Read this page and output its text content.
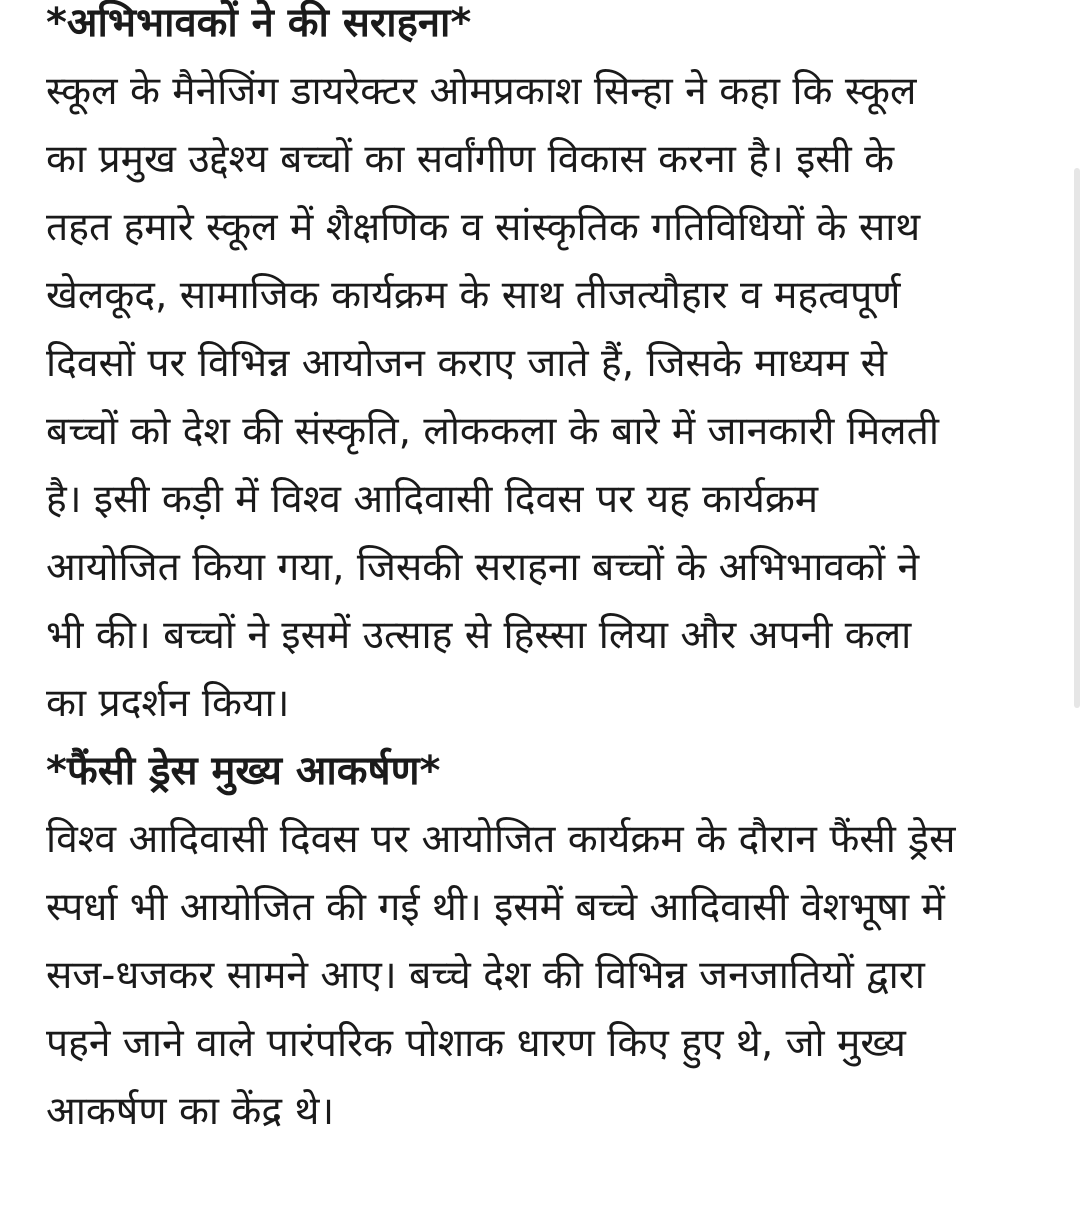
*अभिभावकों ने की सराहना*

स्कूल के मैनेजिंग डायरेक्टर ओमप्रकाश सिन्हा ने कहा कि स्कूल
का प्रमुख उद्देश्य बच्चों का सर्वांगीण विकास करना है। इसी के
तहत हमारे स्कूल में शैक्षणिक व सांस्कृतिक गतिविधियों के साथ
खेलकूद, सामाजिक कार्यक्रम के साथ तीजत्यौहार व महत्वपूर्ण
दिवसों पर विभिन्न आयोजन कराए जाते हैं, जिसके माध्यम से
बच्चों को देश की संस्कृति, लोककला के बारे में जानकारी मिलती
है। इसी कड़ी में विश्व आदिवासी दिवस पर यह कार्यक्रम
आयोजित किया गया, जिसकी सराहना बच्चों के अभिभावकों ने
भी की। बच्चों ने इसमें उत्साह से हिस्सा लिया और अपनी कला
का प्रदर्शन किया।

*फैंसी ड्रेस मुख्य आकर्षण*

विश्व आदिवासी दिवस पर आयोजित कार्यक्रम के दौरान फैंसी ड्रेस
स्पर्धा भी आयोजित की गई थी। इसमें बच्चे आदिवासी वेशभूषा में
सज-धजकर सामने आए। बच्चे देश की विभिन्न जनजातियों द्वारा
पहने जाने वाले पारंपरिक पोशाक धारण किए हुए थे, जो मुख्य
आकर्षण का केंद्र थे।
